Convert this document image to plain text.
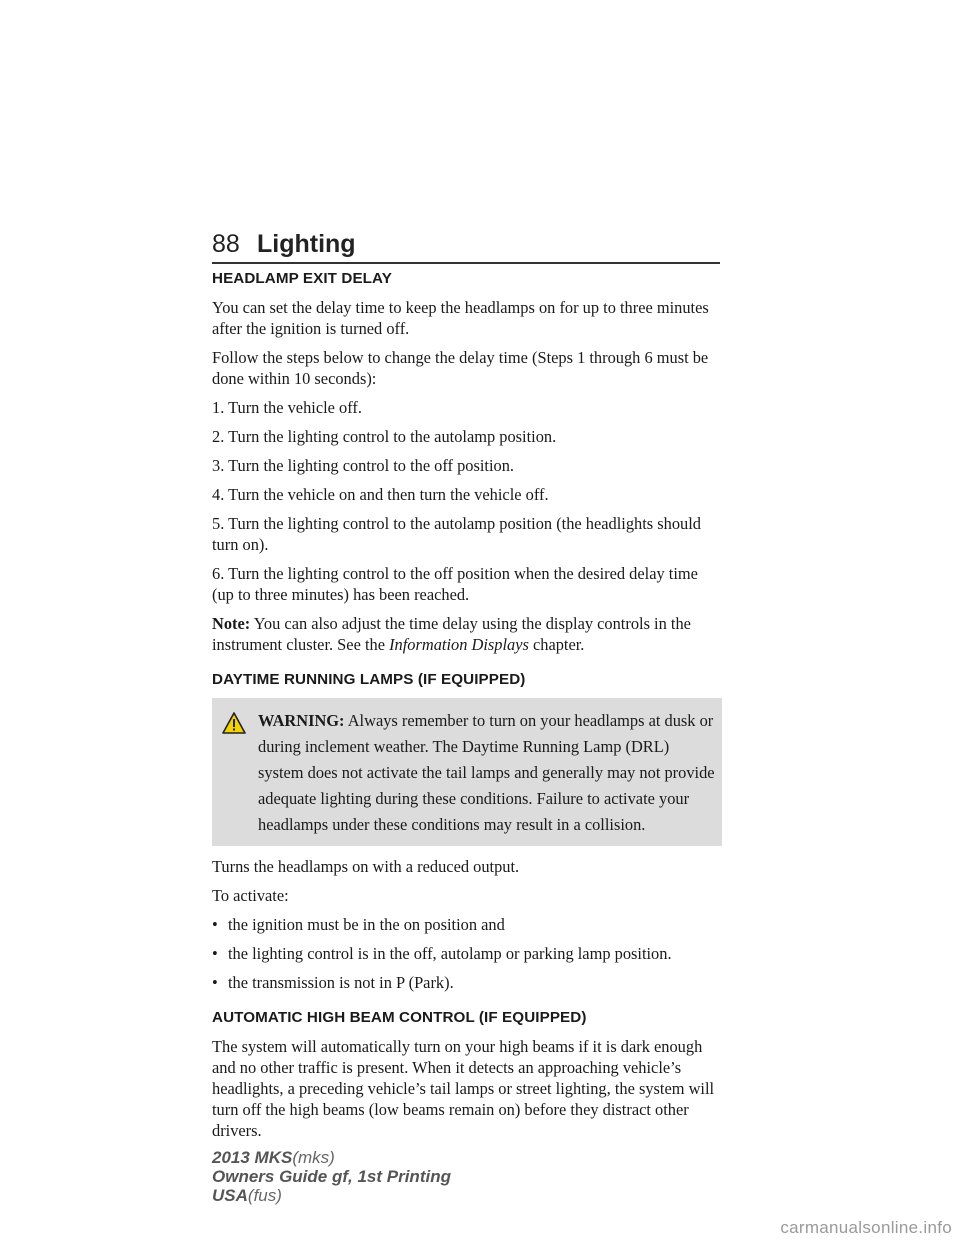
88 Lighting
HEADLAMP EXIT DELAY
You can set the delay time to keep the headlamps on for up to three minutes after the ignition is turned off.
Follow the steps below to change the delay time (Steps 1 through 6 must be done within 10 seconds):
1. Turn the vehicle off.
2. Turn the lighting control to the autolamp position.
3. Turn the lighting control to the off position.
4. Turn the vehicle on and then turn the vehicle off.
5. Turn the lighting control to the autolamp position (the headlights should turn on).
6. Turn the lighting control to the off position when the desired delay time (up to three minutes) has been reached.
Note: You can also adjust the time delay using the display controls in the instrument cluster. See the Information Displays chapter.
DAYTIME RUNNING LAMPS (IF EQUIPPED)
WARNING: Always remember to turn on your headlamps at dusk or during inclement weather. The Daytime Running Lamp (DRL) system does not activate the tail lamps and generally may not provide adequate lighting during these conditions. Failure to activate your headlamps under these conditions may result in a collision.
Turns the headlamps on with a reduced output.
To activate:
• the ignition must be in the on position and
• the lighting control is in the off, autolamp or parking lamp position.
• the transmission is not in P (Park).
AUTOMATIC HIGH BEAM CONTROL (IF EQUIPPED)
The system will automatically turn on your high beams if it is dark enough and no other traffic is present. When it detects an approaching vehicle’s headlights, a preceding vehicle’s tail lamps or street lighting, the system will turn off the high beams (low beams remain on) before they distract other drivers.
2013 MKS(mks)
Owners Guide gf, 1st Printing
USA(fus)
carmanualsonline.info
